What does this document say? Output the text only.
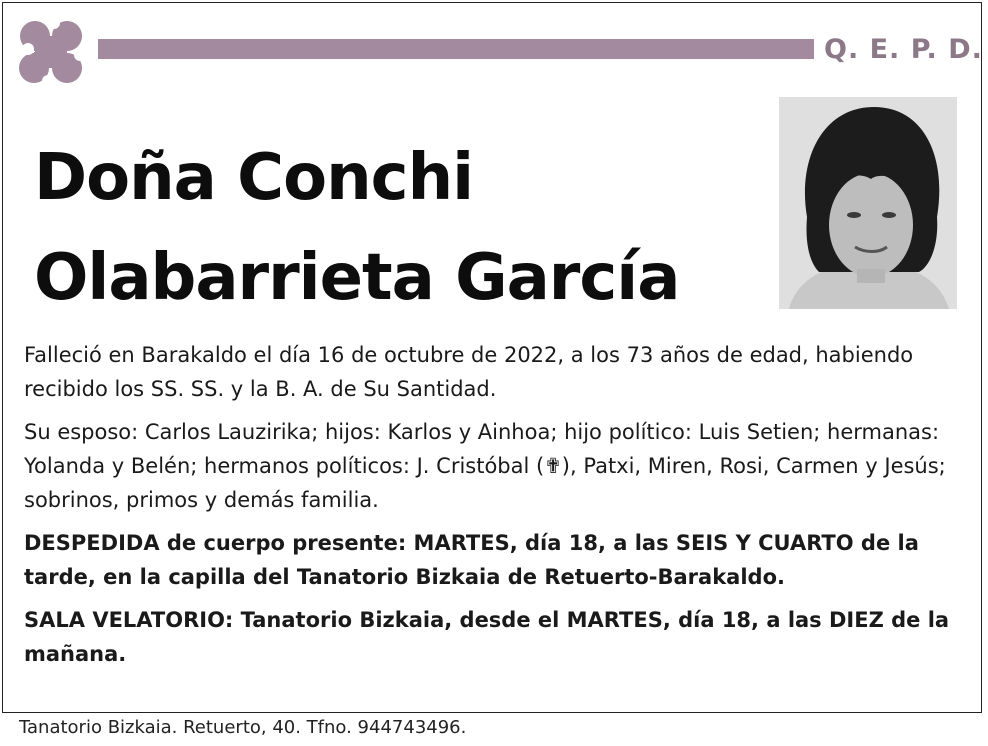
Q. E. P. D.
Doña Conchi
Olabarrieta García

Falleció en Barakaldo el día 16 de octubre de 2022, a los 73 años de edad, habiendo recibido los SS. SS. y la B. A. de Su Santidad.

Su esposo: Carlos Lauzirika; hijos: Karlos y Ainhoa; hijo político: Luis Setien; hermanas: Yolanda y Belén; hermanos políticos: J. Cristóbal (✟), Patxi, Miren, Rosi, Carmen y Jesús; sobrinos, primos y demás familia.

DESPEDIDA de cuerpo presente: MARTES, día 18, a las SEIS Y CUARTO de la tarde, en la capilla del Tanatorio Bizkaia de Retuerto-Barakaldo.

SALA VELATORIO: Tanatorio Bizkaia, desde el MARTES, día 18, a las DIEZ de la mañana.

Tanatorio Bizkaia. Retuerto, 40. Tfno. 944743496.
